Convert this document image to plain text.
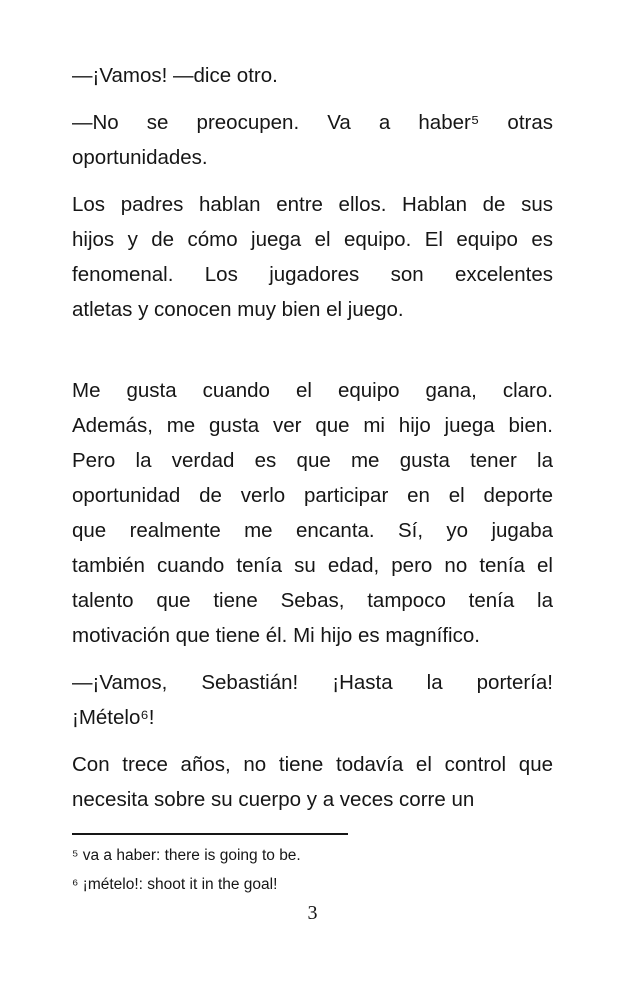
—¡Vamos! —dice otro.

—No se preocupen. Va a haber⁵ otras
oportunidades.

Los padres hablan entre ellos. Hablan de sus
hijos y de cómo juega el equipo. El equipo es
fenomenal. Los jugadores son excelentes
atletas y conocen muy bien el juego.

Me gusta cuando el equipo gana, claro.
Además, me gusta ver que mi hijo juega bien.
Pero la verdad es que me gusta tener la
oportunidad de verlo participar en el deporte
que realmente me encanta. Sí, yo jugaba
también cuando tenía su edad, pero no tenía el
talento que tiene Sebas, tampoco tenía la
motivación que tiene él. Mi hijo es magnífico.

—¡Vamos, Sebastián! ¡Hasta la portería!
¡Mételo⁶!

Con trece años, no tiene todavía el control que
necesita sobre su cuerpo y a veces corre un

⁵ va a haber: there is going to be.
⁶ ¡mételo!: shoot it in the goal!
3
